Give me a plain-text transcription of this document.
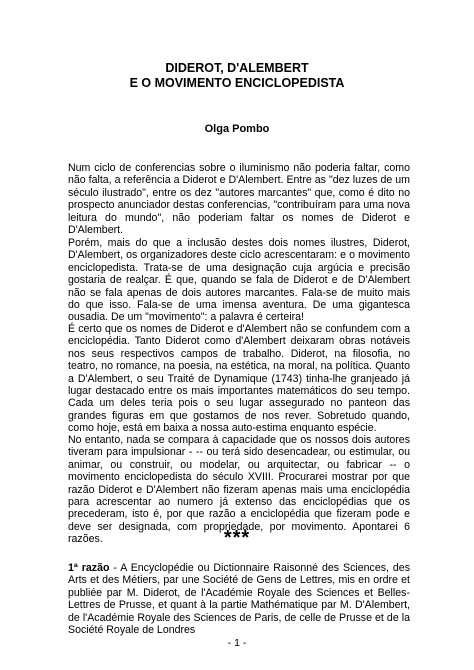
DIDEROT, D'ALEMBERT

E O MOVIMENTO ENCICLOPEDISTA

Olga Pombo

Num ciclo de conferencias sobre o iluminismo não poderia faltar, como não falta, a referência a Diderot e D'Alembert. Entre as "dez luzes de um século ilustrado", entre os dez "autores marcantes" que, como é dito no prospecto anunciador destas conferencias, "contribuíram para uma nova leitura do mundo", não poderiam faltar os nomes de Diderot e D'Alembert.

Porém, mais do que a inclusão destes dois nomes ilustres, Diderot, D'Alembert, os organizadores deste ciclo acrescentaram: e o movimento enciclopedista. Trata-se de uma designação cuja argúcia e precisão gostaria de realçar. É que, quando se fala de Diderot e de D'Alembert não se fala apenas de dois autores marcantes. Fala-se de muito mais do que isso. Fala-se de uma imensa aventura. De uma gigantesca ousadia. De um "movimento": a palavra é certeira!

É certo que os nomes de Diderot e d'Alembert não se confundem com a enciclopédia. Tanto Diderot como d'Alembert deixaram obras notáveis nos seus respectivos campos de trabalho. Diderot, na filosofia, no teatro, no romance, na poesia, na estética, na moral, na política. Quanto a D'Alembert, o seu Traité de Dynamique (1743) tinha-lhe granjeado já lugar destacado entre os mais importantes matemáticos do seu tempo. Cada um deles teria pois o seu lugar assegurado no panteon das grandes figuras em que gostamos de nos rever. Sobretudo quando, como hoje, está em baixa a nossa auto-estima enquanto espécie.

No entanto, nada se compara à capacidade que os nossos dois autores tiveram para impulsionar - -- ou terá sido desencadear, ou estimular, ou animar, ou construir, ou modelar, ou arquitectar, ou fabricar -- o movimento enciclopedista do século XVIII. Procurarei mostrar por que razão Diderot e D'Alembert não fizeram apenas mais uma enciclopédia para acrescentar ao numero já extenso das enciclopédias que os precederam, isto é, por que razão a enciclopédia que fizeram pode e deve ser designada, com propriedade, por movimento. Apontarei 6 razões.	***

1ª razão - A Encyclopédie ou Dictionnaire Raisonné des Sciences, des Arts et des Métiers, par une Société de Gens de Lettres, mis en ordre et publiée par M. Diderot, de l'Académie Royale des Sciences et Belles-Lettres de Prusse, et quant à la partie Mathématique par M. D'Alembert, de l'Académie Royale des Sciences de Paris, de celle de Prusse et de la Société Royale de Londres

- 1 -
